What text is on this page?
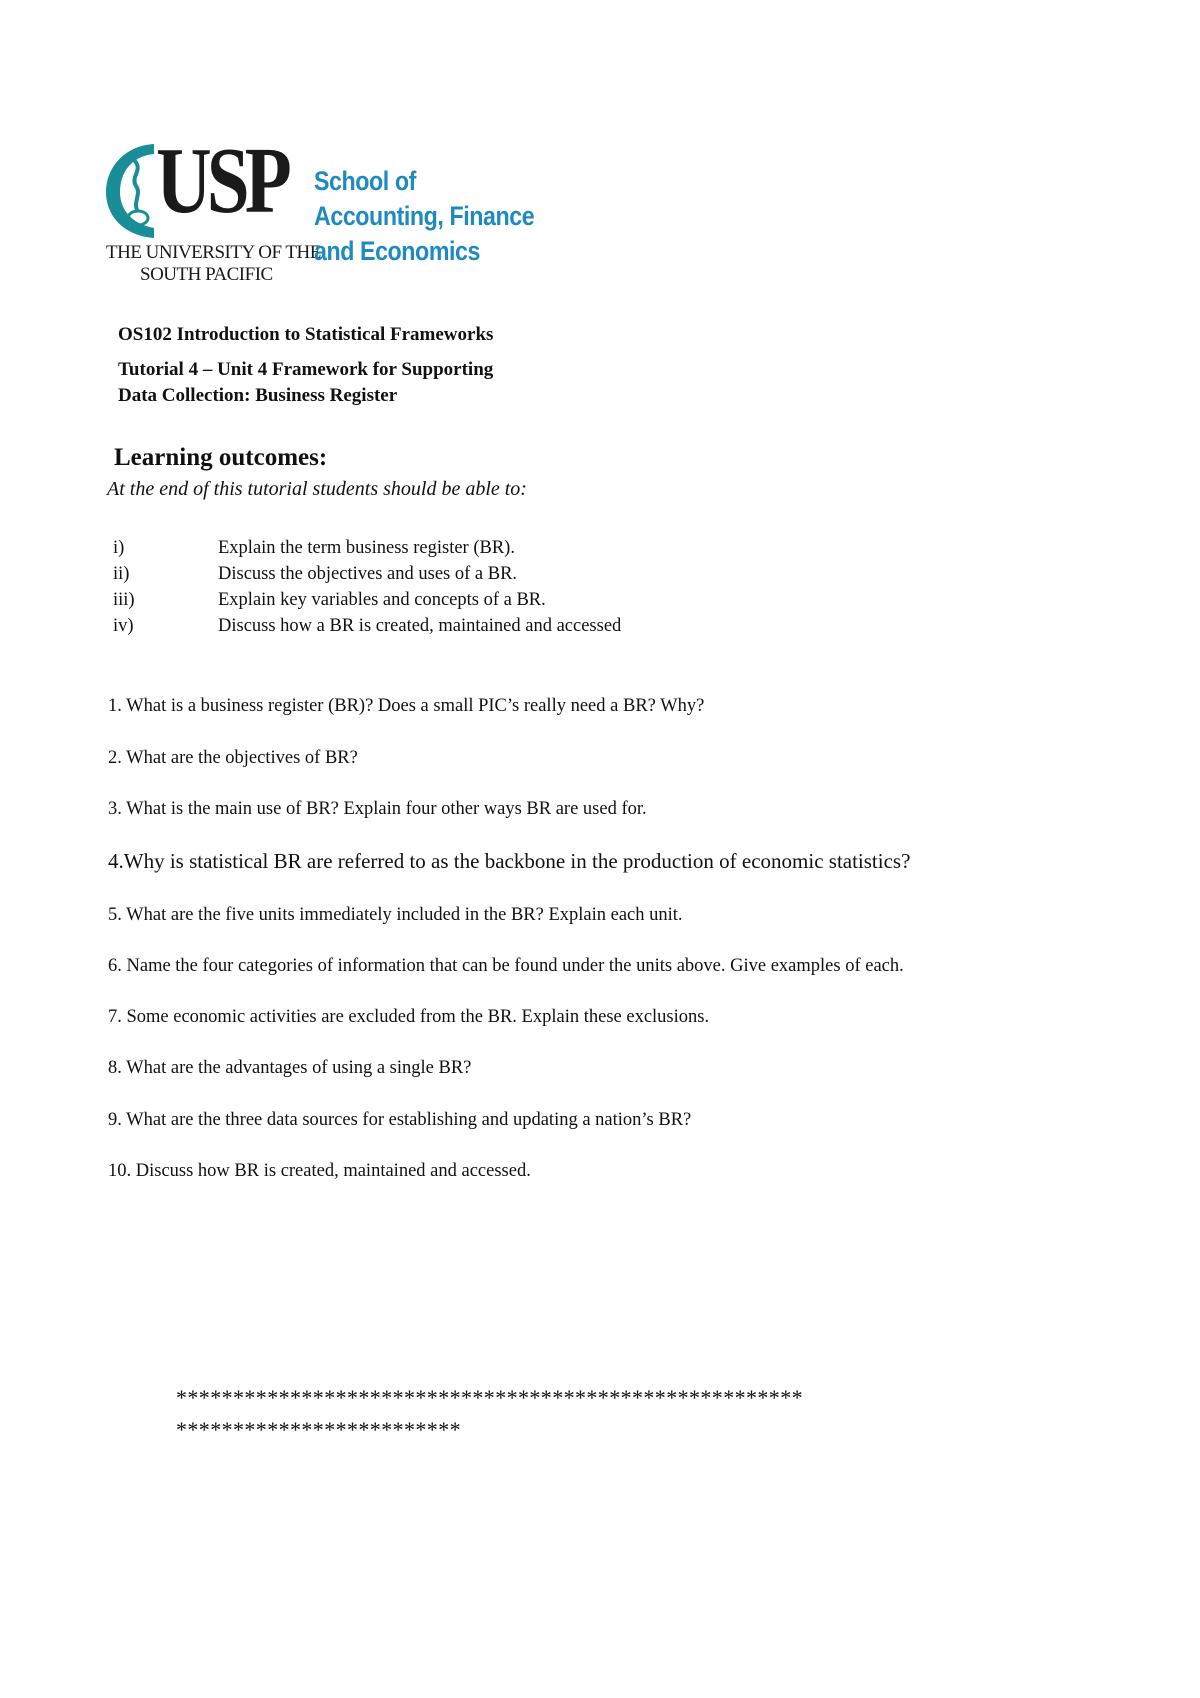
USP
THE UNIVERSITY OF THE
SOUTH PACIFIC
School of
Accounting, Finance
and Economics
OS102 Introduction to Statistical Frameworks
Tutorial 4 – Unit 4 Framework for Supporting
Data Collection: Business Register
Learning outcomes:
At the end of this tutorial students should be able to:
i)	Explain the term business register (BR).
ii)	Discuss the objectives and uses of a BR.
iii)	Explain key variables and concepts of a BR.
iv)	Discuss how a BR is created, maintained and accessed
1. What is a business register (BR)? Does a small PIC’s really need a BR? Why?
2. What are the objectives of BR?
3. What is the main use of BR? Explain four other ways BR are used for.
4.Why is statistical BR are referred to as the backbone in the production of economic statistics?
5. What are the five units immediately included in the BR? Explain each unit.
6. Name the four categories of information that can be found under the units above. Give examples of each.
7. Some economic activities are excluded from the BR. Explain these exclusions.
8. What are the advantages of using a single BR?
9. What are the three data sources for establishing and updating a nation’s BR?
10. Discuss how BR is created, maintained and accessed.
*******************************************************
*************************
